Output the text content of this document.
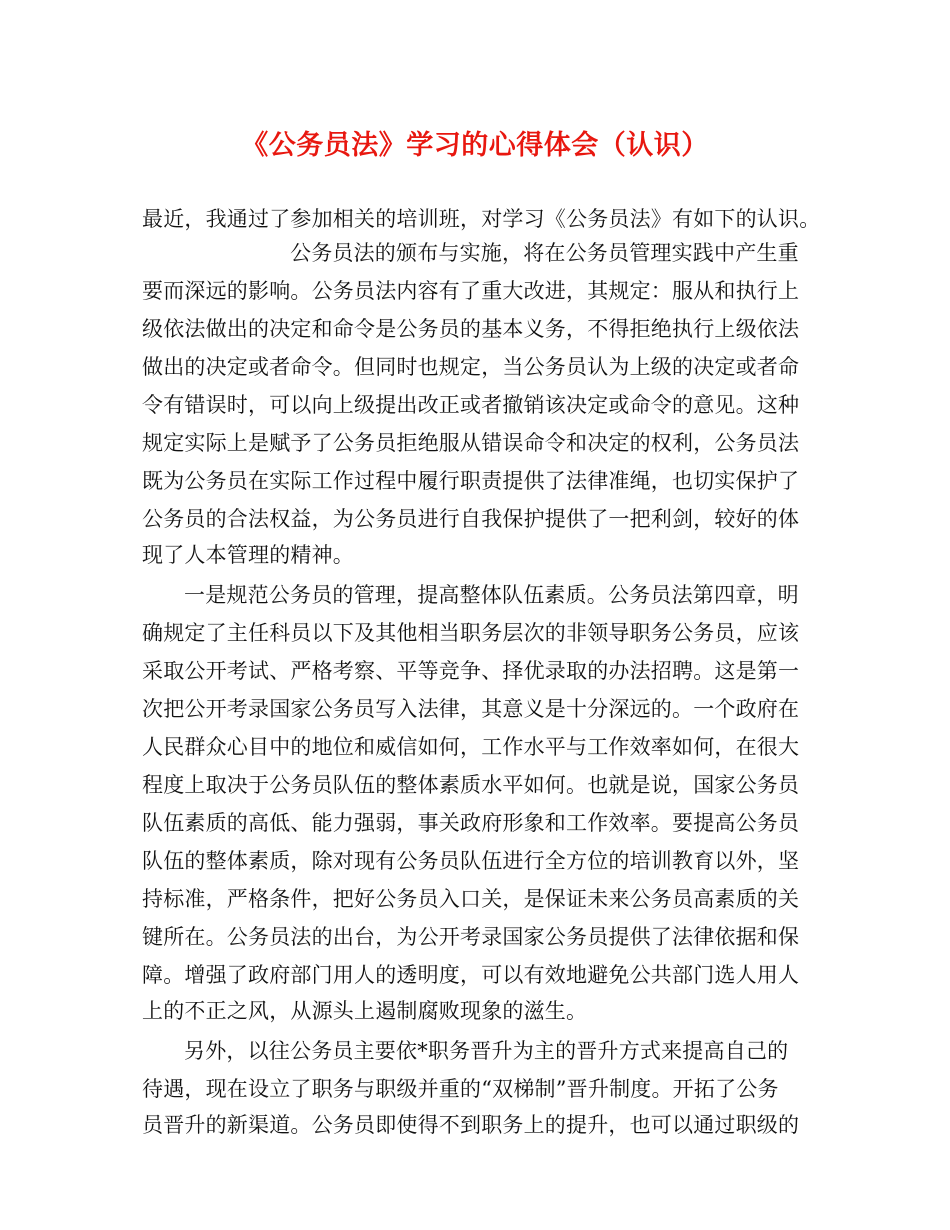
《公务员法》学习的心得体会（认识）
最近，我通过了参加相关的培训班，对学习《公务员法》有如下的认识。
公务员法的颁布与实施，将在公务员管理实践中产生重
要而深远的影响。公务员法内容有了重大改进，其规定：服从和执行上
级依法做出的决定和命令是公务员的基本义务，不得拒绝执行上级依法
做出的决定或者命令。但同时也规定，当公务员认为上级的决定或者命
令有错误时，可以向上级提出改正或者撤销该决定或命令的意见。这种
规定实际上是赋予了公务员拒绝服从错误命令和决定的权利，公务员法
既为公务员在实际工作过程中履行职责提供了法律准绳，也切实保护了
公务员的合法权益，为公务员进行自我保护提供了一把利剑，较好的体
现了人本管理的精神。
一是规范公务员的管理，提高整体队伍素质。公务员法第四章，明
确规定了主任科员以下及其他相当职务层次的非领导职务公务员，应该
采取公开考试、严格考察、平等竞争、择优录取的办法招聘。这是第一
次把公开考录国家公务员写入法律，其意义是十分深远的。一个政府在
人民群众心目中的地位和威信如何，工作水平与工作效率如何，在很大
程度上取决于公务员队伍的整体素质水平如何。也就是说，国家公务员
队伍素质的高低、能力强弱，事关政府形象和工作效率。要提高公务员
队伍的整体素质，除对现有公务员队伍进行全方位的培训教育以外，坚
持标准，严格条件，把好公务员入口关，是保证未来公务员高素质的关
键所在。公务员法的出台，为公开考录国家公务员提供了法律依据和保
障。增强了政府部门用人的透明度，可以有效地避免公共部门选人用人
上的不正之风，从源头上遏制腐败现象的滋生。
另外，以往公务员主要依*职务晋升为主的晋升方式来提高自己的
待遇，现在设立了职务与职级并重的“双梯制”晋升制度。开拓了公务
员晋升的新渠道。公务员即使得不到职务上的提升，也可以通过职级的
